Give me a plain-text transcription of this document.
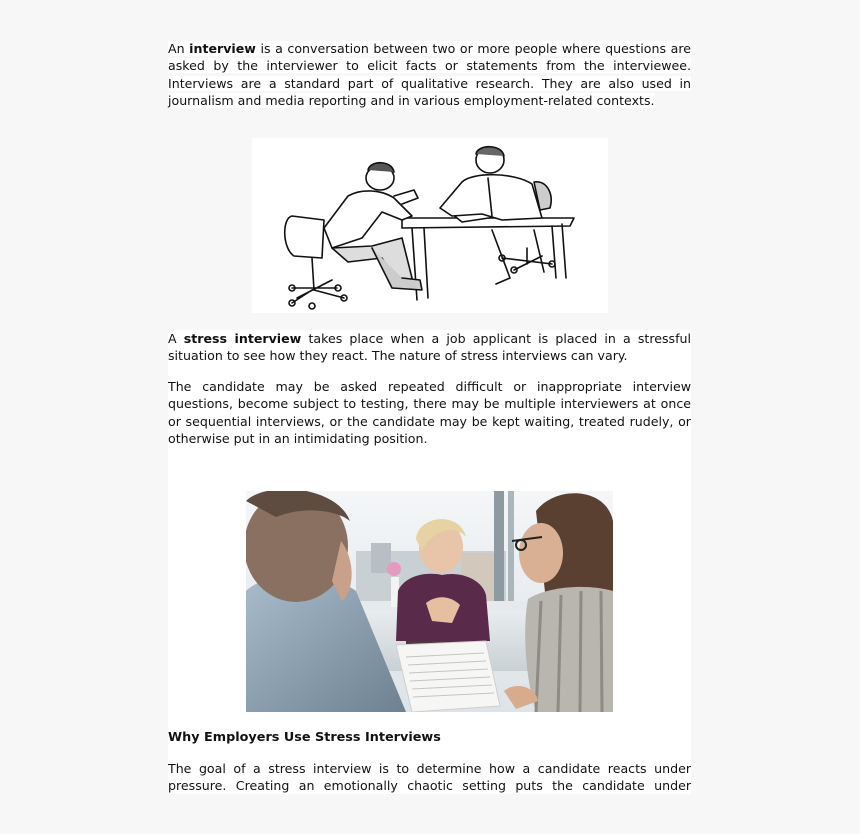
An interview is a conversation between two or more people where questions are asked by the interviewer to elicit facts or statements from the interviewee. Interviews are a standard part of qualitative research. They are also used in journalism and media reporting and in various employment-related contexts.

A stress interview takes place when a job applicant is placed in a stressful situation to see how they react. The nature of stress interviews can vary.

The candidate may be asked repeated difficult or inappropriate interview questions, become subject to testing, there may be multiple interviewers at once or sequential interviews, or the candidate may be kept waiting, treated rudely, or otherwise put in an intimidating position.

Why Employers Use Stress Interviews

The goal of a stress interview is to determine how a candidate reacts under pressure. Creating an emotionally chaotic setting puts the candidate under
